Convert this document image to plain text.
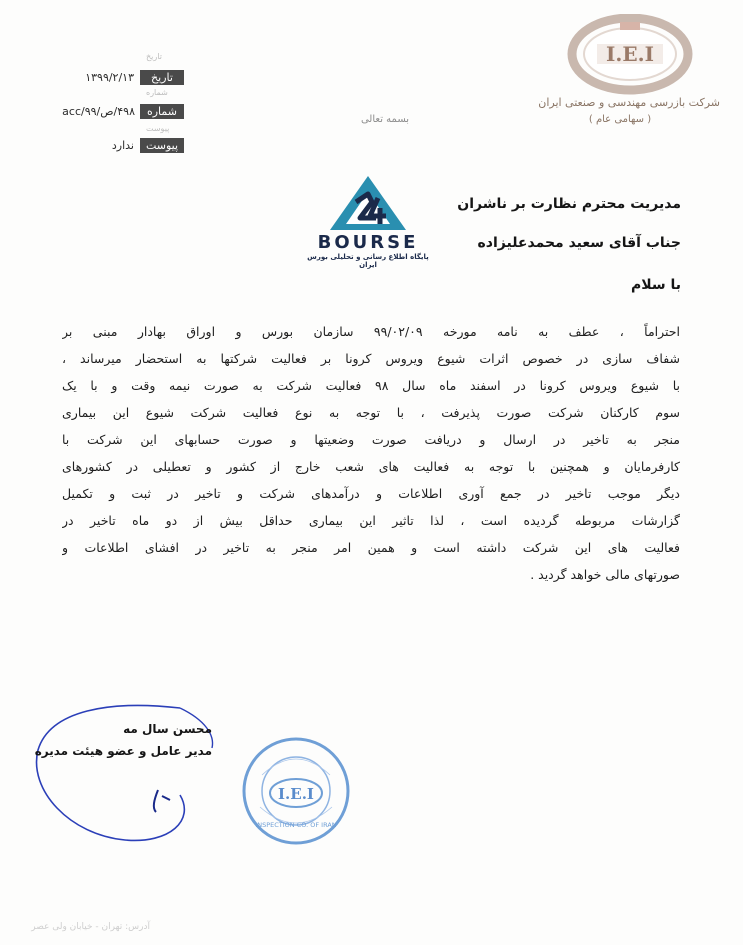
I.E.I
شرکت بازرسی مهندسی و صنعتی ایران
( سهامی عام )
تاریخ
شماره
پیوست
تاریخ
۱۳۹۹/۲/۱۳
شماره
۴۹۸/ص/۹۹/acc
پیوست
ندارد
بسمه تعالی
BOURSE
پایگاه اطلاع رسانی و تحلیلی بورس ایران
مدیریت محترم نظارت بر ناشران
جناب آقای سعید محمدعلیزاده
با سلام
احتراماً ، عطف به نامه مورخه ۹۹/۰۲/۰۹ سازمان بورس و اوراق بهادار مبنی بر
شفاف سازی در خصوص اثرات شیوع ویروس کرونا بر فعالیت شرکتها به استحضار میرساند ،
با شیوع ویروس کرونا در اسفند ماه سال ۹۸ فعالیت شرکت به صورت نیمه وقت و با یک
سوم کارکنان شرکت صورت پذیرفت ، با توجه به نوع فعالیت شرکت شیوع این بیماری
منجر به تاخیر در ارسال و دریافت صورت وضعیتها و صورت حسابهای این شرکت با
کارفرمایان و همچنین با توجه به فعالیت های شعب خارج از کشور و تعطیلی در کشورهای
دیگر موجب تاخیر در جمع آوری اطلاعات و درآمدهای شرکت و تاخیر در ثبت و تکمیل
گزارشات مربوطه گردیده است ، لذا تاثیر این بیماری حداقل بیش از دو ماه تاخیر در
فعالیت های این شرکت داشته است و همین امر منجر به تاخیر در افشای اطلاعات و
صورتهای مالی خواهد گردید .
محسن سال مه
مدیر عامل و عضو هیئت مدیره
I.E.I
INSPECTION CO. OF IRAN
آدرس: تهران - خیابان ولی عصر
